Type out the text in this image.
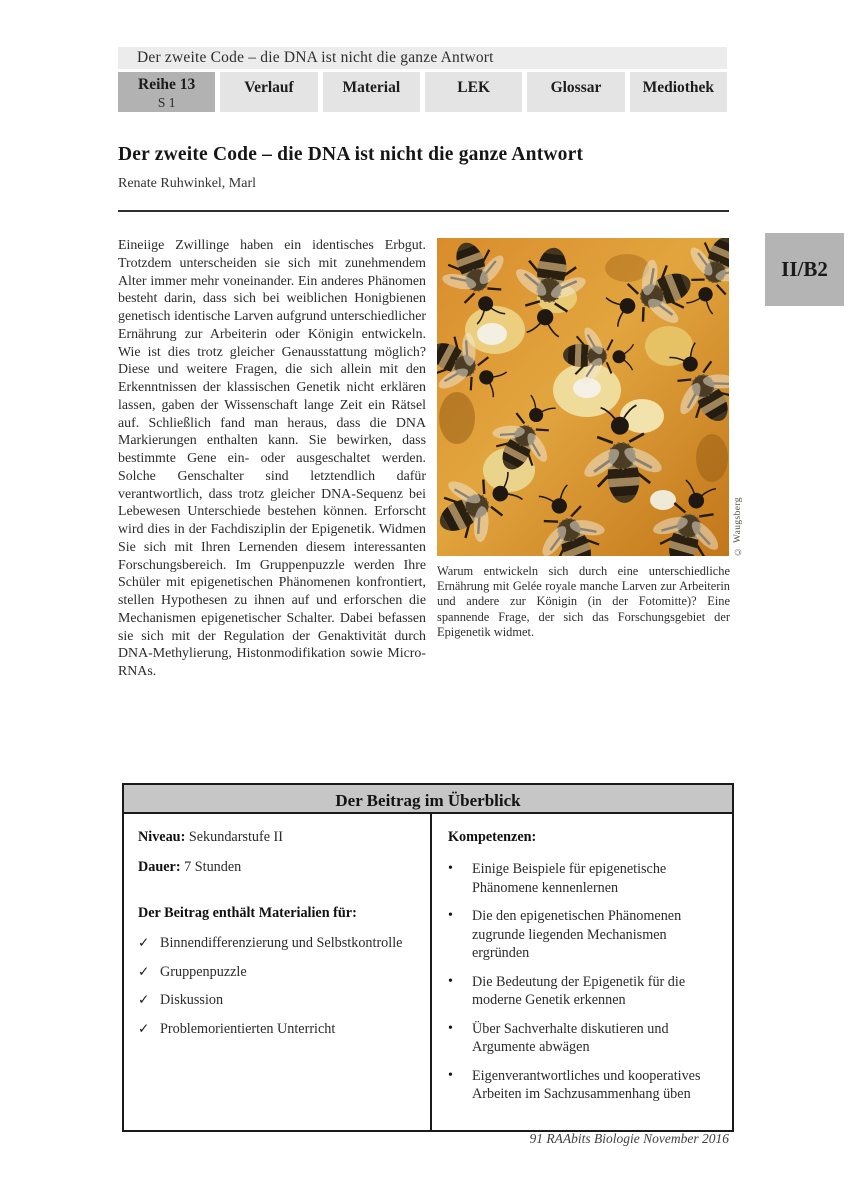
Der zweite Code – die DNA ist nicht die ganze Antwort
Reihe 13
S 1
Verlauf	Material	LEK	Glossar	Mediothek
Der zweite Code – die DNA ist nicht die ganze Antwort
Renate Ruhwinkel, Marl
Eineiige Zwillinge haben ein identisches Erbgut. Trotzdem unterscheiden sie sich mit zunehmendem Alter immer mehr voneinander. Ein anderes Phänomen besteht darin, dass sich bei weiblichen Honigbienen genetisch identische Larven aufgrund unterschiedlicher Ernährung zur Arbeiterin oder Königin entwickeln. Wie ist dies trotz gleicher Genausstattung möglich? Diese und weitere Fragen, die sich allein mit den Erkenntnissen der klassischen Genetik nicht erklären lassen, gaben der Wissenschaft lange Zeit ein Rätsel auf. Schließlich fand man heraus, dass die DNA Markierungen enthalten kann. Sie bewirken, dass bestimmte Gene ein- oder ausgeschaltet werden. Solche Genschalter sind letztendlich dafür verantwortlich, dass trotz gleicher DNA-Sequenz bei Lebewesen Unterschiede bestehen können. Erforscht wird dies in der Fachdisziplin der Epigenetik. Widmen Sie sich mit Ihren Lernenden diesem interessanten Forschungsbereich. Im Gruppenpuzzle werden Ihre Schüler mit epigenetischen Phänomenen konfrontiert, stellen Hypothesen zu ihnen auf und erforschen die Mechanismen epigenetischer Schalter. Dabei befassen sie sich mit der Regulation der Genaktivität durch DNA-Methylierung, Histonmodifikation sowie Micro-RNAs.
© Waugsberg
Warum entwickeln sich durch eine unterschiedliche Ernährung mit Gelée royale manche Larven zur Arbeiterin und andere zur Königin (in der Fotomitte)? Eine spannende Frage, der sich das Forschungsgebiet der Epigenetik widmet.
II/B2
Der Beitrag im Überblick
Niveau: Sekundarstufe II
Dauer: 7 Stunden
Der Beitrag enthält Materialien für:
✓ Binnendifferenzierung und Selbstkontrolle
✓ Gruppenpuzzle
✓ Diskussion
✓ Problemorientierten Unterricht
Kompetenzen:
•	Einige Beispiele für epigenetische Phänomene kennenlernen
•	Die den epigenetischen Phänomenen zugrunde liegenden Mechanismen ergründen
•	Die Bedeutung der Epigenetik für die moderne Genetik erkennen
•	Über Sachverhalte diskutieren und Argumente abwägen
•	Eigenverantwortliches und kooperatives Arbeiten im Sachzusammenhang üben
91 RAAbits Biologie November 2016
